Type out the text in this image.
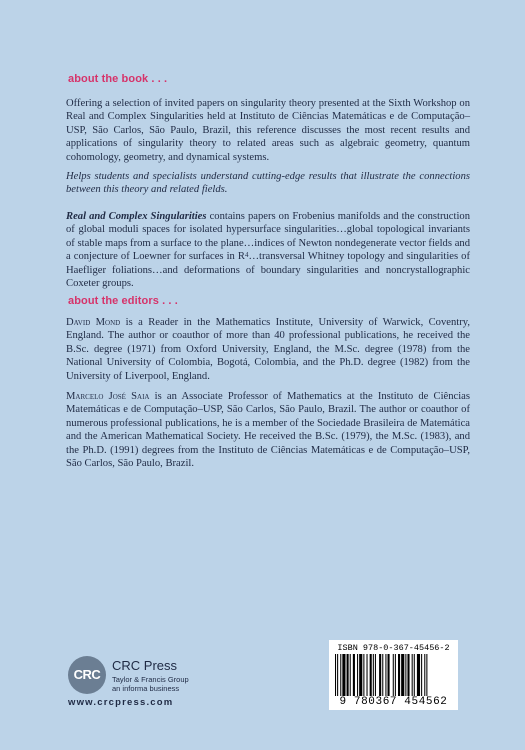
about the book . . .
Offering a selection of invited papers on singularity theory presented at the Sixth Workshop on Real and Complex Singularities held at Instituto de Ciências Matemáticas e de Computação–USP, São Carlos, São Paulo, Brazil, this reference discusses the most recent results and applications of singularity theory to related areas such as algebraic geometry, quantum cohomology, geometry, and dynamical systems.
Helps students and specialists understand cutting-edge results that illustrate the connections between this theory and related fields.
Real and Complex Singularities contains papers on Frobenius manifolds and the construction of global moduli spaces for isolated hypersurface singularities…global topological invariants of stable maps from a surface to the plane…indices of Newton nondegenerate vector fields and a conjecture of Loewner for surfaces in $R^4\dots transversal$ Whitney topology and singularities of Haefliger foliations…and deformations of boundary singularities and noncrystallographic Coxeter groups.
about the editors . . .
David Mond is a Reader in the Mathematics Institute, University of Warwick, Coventry, England. The author or coauthor of more than 40 professional publications, he received the B.Sc. degree (1971) from Oxford University, England, the M.Sc. degree (1978) from the National University of Colombia, Bogotá, Colombia, and the Ph.D. degree (1982) from the University of Liverpool, England.
Marcelo José Saia is an Associate Professor of Mathematics at the Instituto de Ciências Matemáticas e de Computação–USP, São Carlos, São Paulo, Brazil. The author or coauthor of numerous professional publications, he is a member of the Sociedade Brasileira de Matemática and the American Mathematical Society. He received the B.Sc. (1979), the M.Sc. (1983), and the Ph.D. (1991) degrees from the Instituto de Ciências Matemáticas e de Computação–USP, São Carlos, São Paulo, Brazil.
CRC
CRC Press
Taylor & Francis Group
an informa business
www.crcpress.com
ISBN 978-0-367-45456-2
9 780367 454562
